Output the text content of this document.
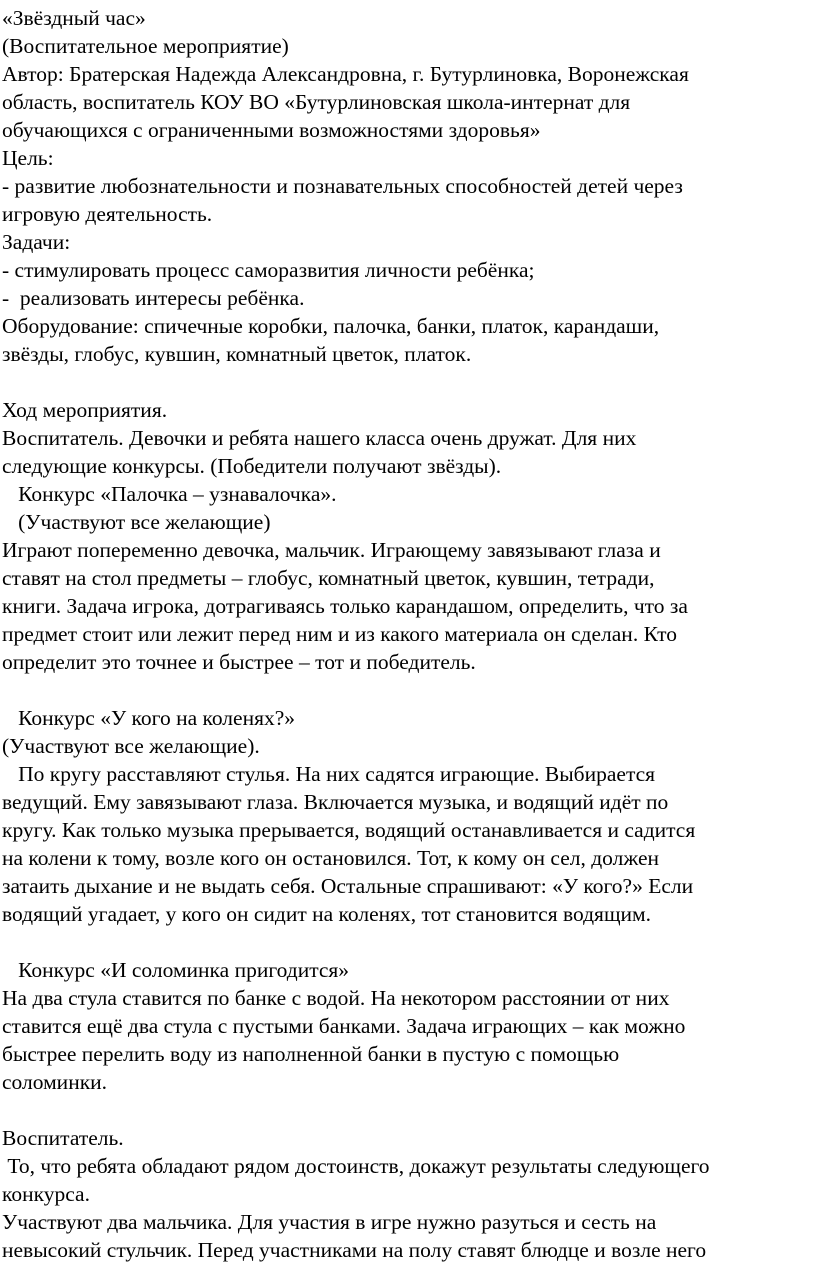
«Звёздный час»
(Воспитательное мероприятие)
Автор: Братерская Надежда Александровна, г. Бутурлиновка, Воронежская
область, воспитатель КОУ ВО «Бутурлиновская школа-интернат для
обучающихся с ограниченными возможностями здоровья»
Цель:
- развитие любознательности и познавательных способностей детей через
игровую деятельность.
Задачи:
- стимулировать процесс саморазвития личности ребёнка;
-  реализовать интересы ребёнка.
Оборудование: спичечные коробки, палочка, банки, платок, карандаши,
звёзды, глобус, кувшин, комнатный цветок, платок.
Ход мероприятия.
Воспитатель. Девочки и ребята нашего класса очень дружат. Для них
следующие конкурсы. (Победители получают звёзды).
Конкурс «Палочка – узнавалочка».
(Участвуют все желающие)
Играют попеременно девочка, мальчик. Играющему завязывают глаза и
ставят на стол предметы – глобус, комнатный цветок, кувшин, тетради,
книги. Задача игрока, дотрагиваясь только карандашом, определить, что за
предмет стоит или лежит перед ним и из какого материала он сделан. Кто
определит это точнее и быстрее – тот и победитель.
Конкурс «У кого на коленях?»
(Участвуют все желающие).
По кругу расставляют стулья. На них садятся играющие. Выбирается
ведущий. Ему завязывают глаза. Включается музыка, и водящий идёт по
кругу. Как только музыка прерывается, водящий останавливается и садится
на колени к тому, возле кого он остановился. Тот, к кому он сел, должен
затаить дыхание и не выдать себя. Остальные спрашивают: «У кого?» Если
водящий угадает, у кого он сидит на коленях, тот становится водящим.
Конкурс «И соломинка пригодится»
На два стула ставится по банке с водой. На некотором расстоянии от них
ставится ещё два стула с пустыми банками. Задача играющих – как можно
быстрее перелить воду из наполненной банки в пустую с помощью
соломинки.
Воспитатель.
То, что ребята обладают рядом достоинств, докажут результаты следующего
конкурса.
Участвуют два мальчика. Для участия в игре нужно разуться и сесть на
невысокий стульчик. Перед участниками на полу ставят блюдце и возле него
